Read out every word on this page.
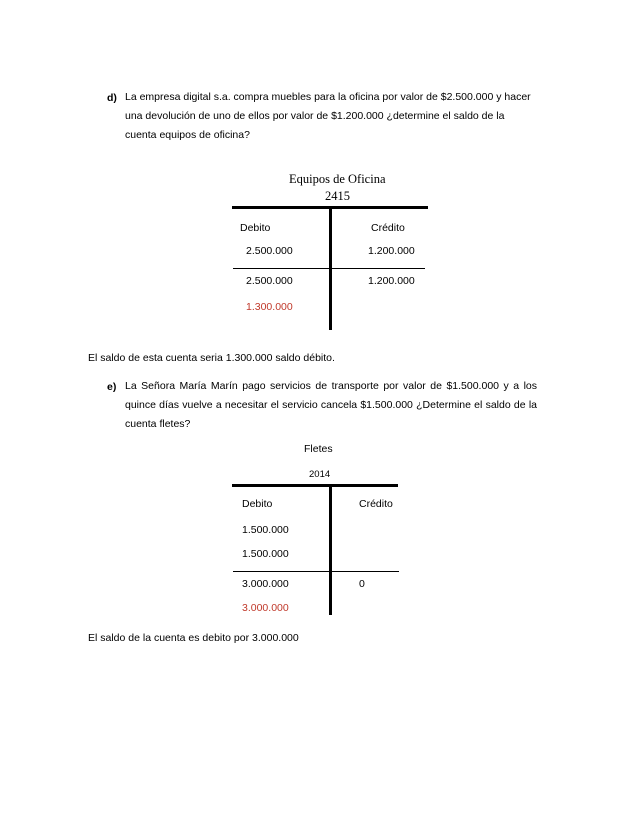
d) La empresa digital s.a. compra muebles para la oficina por valor de $2.500.000 y hacer
una devolución de uno de ellos por valor de $1.200.000 ¿determine el saldo de la
cuenta equipos de oficina?
Equipos de Oficina
2415
Debito	Crédito
2.500.000	1.200.000
2.500.000	1.200.000
1.300.000
El saldo de esta cuenta seria 1.300.000 saldo débito.
e) La Señora María Marín pago servicios de transporte por valor de $1.500.000 y a los
quince días vuelve a necesitar el servicio cancela $1.500.000 ¿Determine el saldo de la
cuenta fletes?
Fletes
2014
Debito	Crédito
1.500.000
1.500.000
3.000.000	0
3.000.000
El saldo de la cuenta es debito por 3.000.000
